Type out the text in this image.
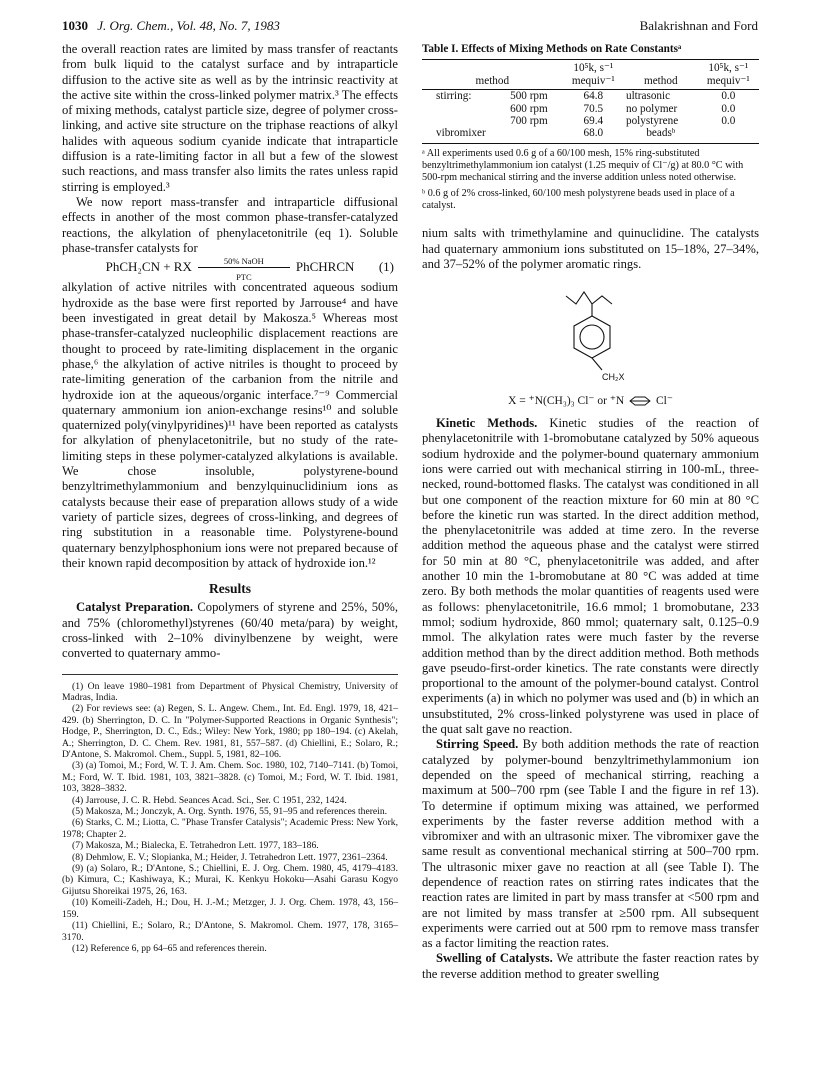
1030 J. Org. Chem., Vol. 48, No. 7, 1983	Balakrishnan and Ford

the overall reaction rates are limited by mass transfer of reactants from bulk liquid to the catalyst surface and by intraparticle diffusion to the active site as well as by the intrinsic reactivity at the active site within the cross-linked polymer matrix.³ The effects of mixing methods, catalyst particle size, degree of polymer cross-linking, and active site structure on the triphase reactions of alkyl halides with aqueous sodium cyanide indicate that intraparticle diffusion is a rate-limiting factor in all but a few of the slowest such reactions, and mass transfer also limits the rates unless rapid stirring is employed.³

We now report mass-transfer and intraparticle diffusional effects in another of the most common phase-transfer-catalyzed reactions, the alkylation of phenylacetonitrile (eq 1). Soluble phase-transfer catalysts for

PhCH₂CN + RX	50% NaOH
PTC
PhCHRCN (1)

alkylation of active nitriles with concentrated aqueous sodium hydroxide as the base were first reported by Jarrouse⁴ and have been investigated in great detail by Makosza.⁵ Whereas most phase-transfer-catalyzed nucleophilic displacement reactions are thought to proceed by rate-limiting displacement in the organic phase,⁶ the alkylation of active nitriles is thought to proceed by rate-limiting generation of the carbanion from the nitrile and hydroxide ion at the aqueous/organic interface.⁷⁻⁹ Commercial quaternary ammonium ion anion-exchange resins¹⁰ and soluble quaternized poly(vinylpyridines)¹¹ have been reported as catalysts for alkylation of phenylacetonitrile, but no study of the rate-limiting steps in these polymer-catalyzed alkylations is available. We chose insoluble, polystyrene-bound benzyltrimethylammonium and benzylquinuclidinium ions as catalysts because their ease of preparation allows study of a wide variety of particle sizes, degrees of cross-linking, and degrees of ring substitution in a reasonable time. Polystyrene-bound quaternary benzylphosphonium ions were not prepared because of their known rapid decomposition by attack of hydroxide ion.¹²

Results

Catalyst Preparation. Copolymers of styrene and 25%, 50%, and 75% (chloromethyl)styrenes (60/40 meta/para) by weight, cross-linked with 2–10% divinylbenzene by weight, were converted to quaternary ammo-

(1) On leave 1980–1981 from Department of Physical Chemistry, University of Madras, India.

(2) For reviews see: (a) Regen, S. L. Angew. Chem., Int. Ed. Engl. 1979, 18, 421–429. (b) Sherrington, D. C. In "Polymer-Supported Reactions in Organic Synthesis"; Hodge, P., Sherrington, D. C., Eds.; Wiley: New York, 1980; pp 180–194. (c) Akelah, A.; Sherrington, D. C. Chem. Rev. 1981, 81, 557–587. (d) Chiellini, E.; Solaro, R.; D'Antone, S. Makromol. Chem., Suppl. 5, 1981, 82–106.

(3) (a) Tomoi, M.; Ford, W. T. J. Am. Chem. Soc. 1980, 102, 7140–7141. (b) Tomoi, M.; Ford, W. T. Ibid. 1981, 103, 3821–3828. (c) Tomoi, M.; Ford, W. T. Ibid. 1981, 103, 3828–3832.

(4) Jarrouse, J. C. R. Hebd. Seances Acad. Sci., Ser. C 1951, 232, 1424.

(5) Makosza, M.; Jonczyk, A. Org. Synth. 1976, 55, 91–95 and references therein.

(6) Starks, C. M.; Liotta, C. "Phase Transfer Catalysis"; Academic Press: New York, 1978; Chapter 2.

(7) Makosza, M.; Bialecka, E. Tetrahedron Lett. 1977, 183–186.

(8) Dehmlow, E. V.; Slopianka, M.; Heider, J. Tetrahedron Lett. 1977, 2361–2364.

(9) (a) Solaro, R.; D'Antone, S.; Chiellini, E. J. Org. Chem. 1980, 45, 4179–4183. (b) Kimura, C.; Kashiwaya, K.; Murai, K. Kenkyu Hokoku—Asahi Garasu Kogyo Gijutsu Shoreikai 1975, 26, 163.

(10) Komeili-Zadeh, H.; Dou, H. J.-M.; Metzger, J. J. Org. Chem. 1978, 43, 156–159.

(11) Chiellini, E.; Solaro, R.; D'Antone, S. Makromol. Chem. 1977, 178, 3165–3170.

(12) Reference 6, pp 64–65 and references therein.

Table I. Effects of Mixing Methods on Rate Constantsᵃ
		10⁵k, s⁻¹		10⁵k, s⁻¹
method		mequiv⁻¹	method	mequiv⁻¹
stirring:	500 rpm	64.8	ultrasonic	0.0
	600 rpm	70.5	no polymer	0.0
	700 rpm	69.4	polystyrene	0.0
vibromixer		68.0	beadsᵇ	
ᵃ All experiments used 0.6 g of a 60/100 mesh, 15% ring-substituted benzyltrimethylammonium ion catalyst (1.25 mequiv of Cl⁻/g) at 80.0 °C with 500-rpm mechanical stirring and the inverse addition unless noted otherwise.
ᵇ 0.6 g of 2% cross-linked, 60/100 mesh polystyrene beads used in place of a catalyst.

nium salts with trimethylamine and quinuclidine. The catalysts had quaternary ammonium ions substituted on 15–18%, 27–34%, and 37–52% of the polymer aromatic rings.

CH₂X
X = ⁺N(CH₃)₃ Cl⁻ or ⁺N	Cl⁻

Kinetic Methods. Kinetic studies of the reaction of phenylacetonitrile with 1-bromobutane catalyzed by 50% aqueous sodium hydroxide and the polymer-bound quaternary ammonium ions were carried out with mechanical stirring in 100-mL, three-necked, round-bottomed flasks. The catalyst was conditioned in all but one component of the reaction mixture for 60 min at 80 °C before the kinetic run was started. In the direct addition method, the phenylacetonitrile was added at time zero. In the reverse addition method the aqueous phase and the catalyst were stirred for 50 min at 80 °C, phenylacetonitrile was added, and after another 10 min the 1-bromobutane at 80 °C was added at time zero. By both methods the molar quantities of reagents used were as follows: phenylacetonitrile, 16.6 mmol; 1 bromobutane, 233 mmol; sodium hydroxide, 860 mmol; quaternary salt, 0.125–0.9 mmol. The alkylation rates were much faster by the reverse addition method than by the direct addition method. Both methods gave pseudo-first-order kinetics. The rate constants were directly proportional to the amount of the polymer-bound catalyst. Control experiments (a) in which no polymer was used and (b) in which an unsubstituted, 2% cross-linked polystyrene was used in place of the quat salt gave no reaction.

Stirring Speed. By both addition methods the rate of reaction catalyzed by polymer-bound benzyltrimethylammonium ion depended on the speed of mechanical stirring, reaching a maximum at 500–700 rpm (see Table I and the figure in ref 13). To determine if optimum mixing was attained, we performed experiments by the faster reverse addition method with a vibromixer and with an ultrasonic mixer. The vibromixer gave the same result as conventional mechanical stirring at 500–700 rpm. The ultrasonic mixer gave no reaction at all (see Table I). The dependence of reaction rates on stirring rates indicates that the reaction rates are limited in part by mass transfer at <500 rpm and are not limited by mass transfer at ≥500 rpm. All subsequent experiments were carried out at 500 rpm to remove mass transfer as a factor limiting the reaction rates.

Swelling of Catalysts. We attribute the faster reaction rates by the reverse addition method to greater swelling
